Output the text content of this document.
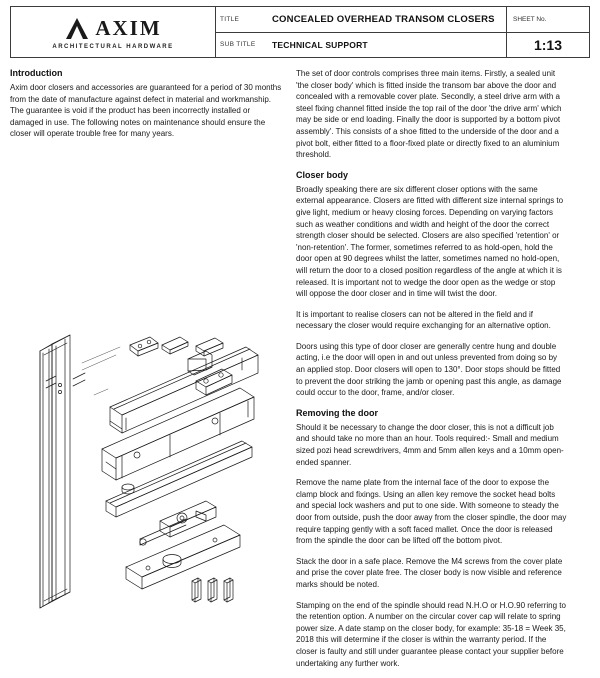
AXIM
ARCHITECTURAL HARDWARE
TITLE	CONCEALED OVERHEAD TRANSOM CLOSERS
SUB TITLE	TECHNICAL SUPPORT
SHEET No.
1:13
Introduction

Axim door closers and accessories are guaranteed for a period of 30 months from the date of manufacture against defect in material and workmanship. The guarantee is void if the product has been incorrectly installed or damaged in use. The following notes on maintenance should ensure the closer will operate trouble free for many years.

The set of door controls comprises three main items. Firstly, a sealed unit 'the closer body' which is fitted inside the transom bar above the door and concealed with a removable cover plate. Secondly, a steel drive arm with a steel fixing channel fitted inside the top rail of the door 'the drive arm' which may be side or end loading. Finally the door is supported by a bottom pivot assembly'. This consists of a shoe fitted to the underside of the door and a pivot bolt, either fitted to a floor-fixed plate or directly fixed to an aluminium threshold.

Closer body

Broadly speaking there are six different closer options with the same external appearance. Closers are fitted with different size internal springs to give light, medium or heavy closing forces. Depending on varying factors such as weather conditions and width and height of the door the correct strength closer should be selected. Closers are also specified 'retention' or 'non-retention'. The former, sometimes referred to as hold-open, hold the door open at 90 degrees whilst the latter, sometimes named no hold-open, will return the door to a closed position regardless of the angle at which it is released. It is important not to wedge the door open as the wedge or stop will oppose the door closer and in time will twist the door.

It is important to realise closers can not be altered in the field and if necessary the closer would require exchanging for an alternative option.

Doors using this type of door closer are generally centre hung and double acting, i.e the door will open in and out unless prevented from doing so by an applied stop. Door closers will open to 130°. Door stops should be fitted to prevent the door striking the jamb or opening past this angle, as damage could occur to the door, frame, and/or closer.

Removing the door

Should it be necessary to change the door closer, this is not a difficult job and should take no more than an hour. Tools required:- Small and medium sized pozi head screwdrivers, 4mm and 5mm allen keys and a 10mm open-ended spanner.

Remove the name plate from the internal face of the door to expose the clamp block and fixings. Using an allen key remove the socket head bolts and special lock washers and put to one side. With someone to steady the door from outside, push the door away from the closer spindle, the door may require tapping gently with a soft faced mallet. Once the door is released from the spindle the door can be lifted off the bottom pivot.

Stack the door in a safe place. Remove the M4 screws from the cover plate and prise the cover plate free. The closer body is now visible and reference marks should be noted.

Stamping on the end of the spindle should read N.H.O or H.O.90 referring to the retention option. A number on the circular cover cap will relate to spring power size. A date stamp on the closer body, for example: 35-18 = Week 35, 2018 this will determine if the closer is within the warranty period. If the closer is faulty and still under guarantee please contact your supplier before undertaking any further work.
